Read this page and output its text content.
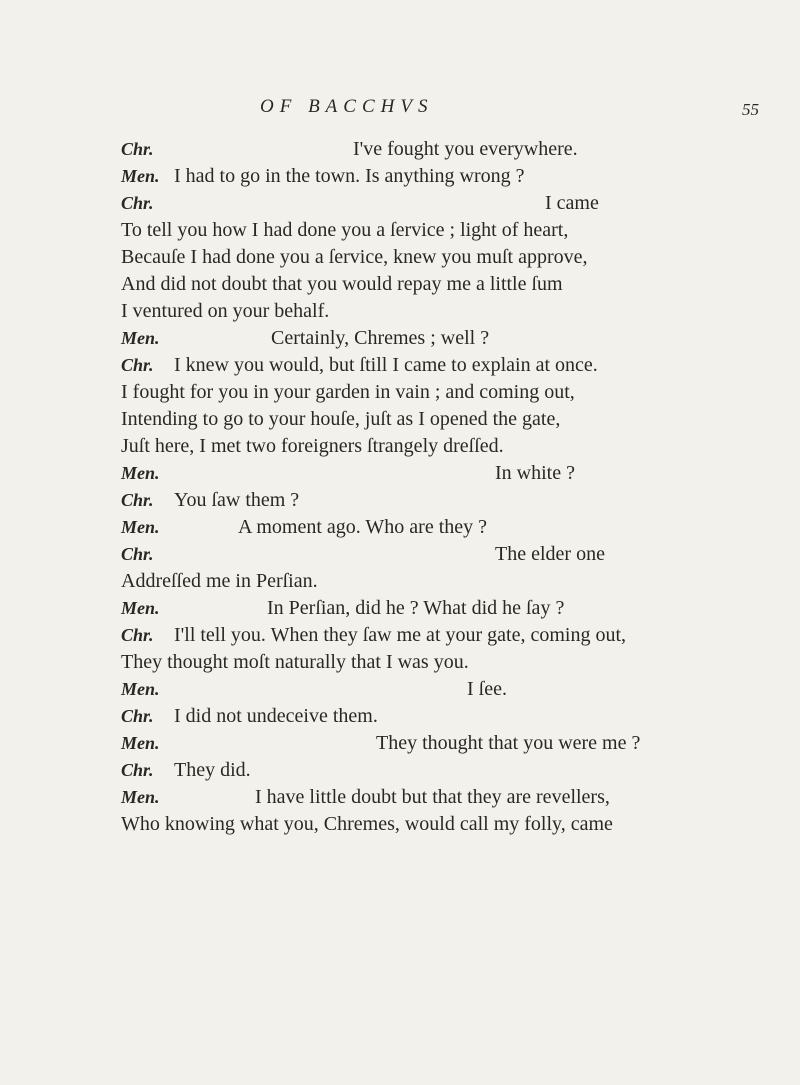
OF BACCHVS	55
Chr.	I've fought you everywhere.
Men. I had to go in the town. Is anything wrong ?
Chr.	I came
To tell you how I had done you a ſervice ; light of heart,
Becauſe I had done you a ſervice, knew you muſt approve,
And did not doubt that you would repay me a little ſum
I ventured on your behalf.
Men.	Certainly, Chremes ; well ?
Chr. I knew you would, but ſtill I came to explain at once.
I fought for you in your garden in vain ; and coming out,
Intending to go to your houſe, juſt as I opened the gate,
Juſt here, I met two foreigners ſtrangely dreſſed.
Men.	In white ?
Chr. You ſaw them ?
Men.	A moment ago. Who are they ?
Chr.	The elder one
Addreſſed me in Perſian.
Men.	In Perſian, did he ? What did he ſay ?
Chr. I'll tell you. When they ſaw me at your gate, coming out,
They thought moſt naturally that I was you.
Men.	I ſee.
Chr. I did not undeceive them.
Men.	They thought that you were me ?
Chr. They did.
Men.	I have little doubt but that they are revellers,
Who knowing what you, Chremes, would call my folly, came
